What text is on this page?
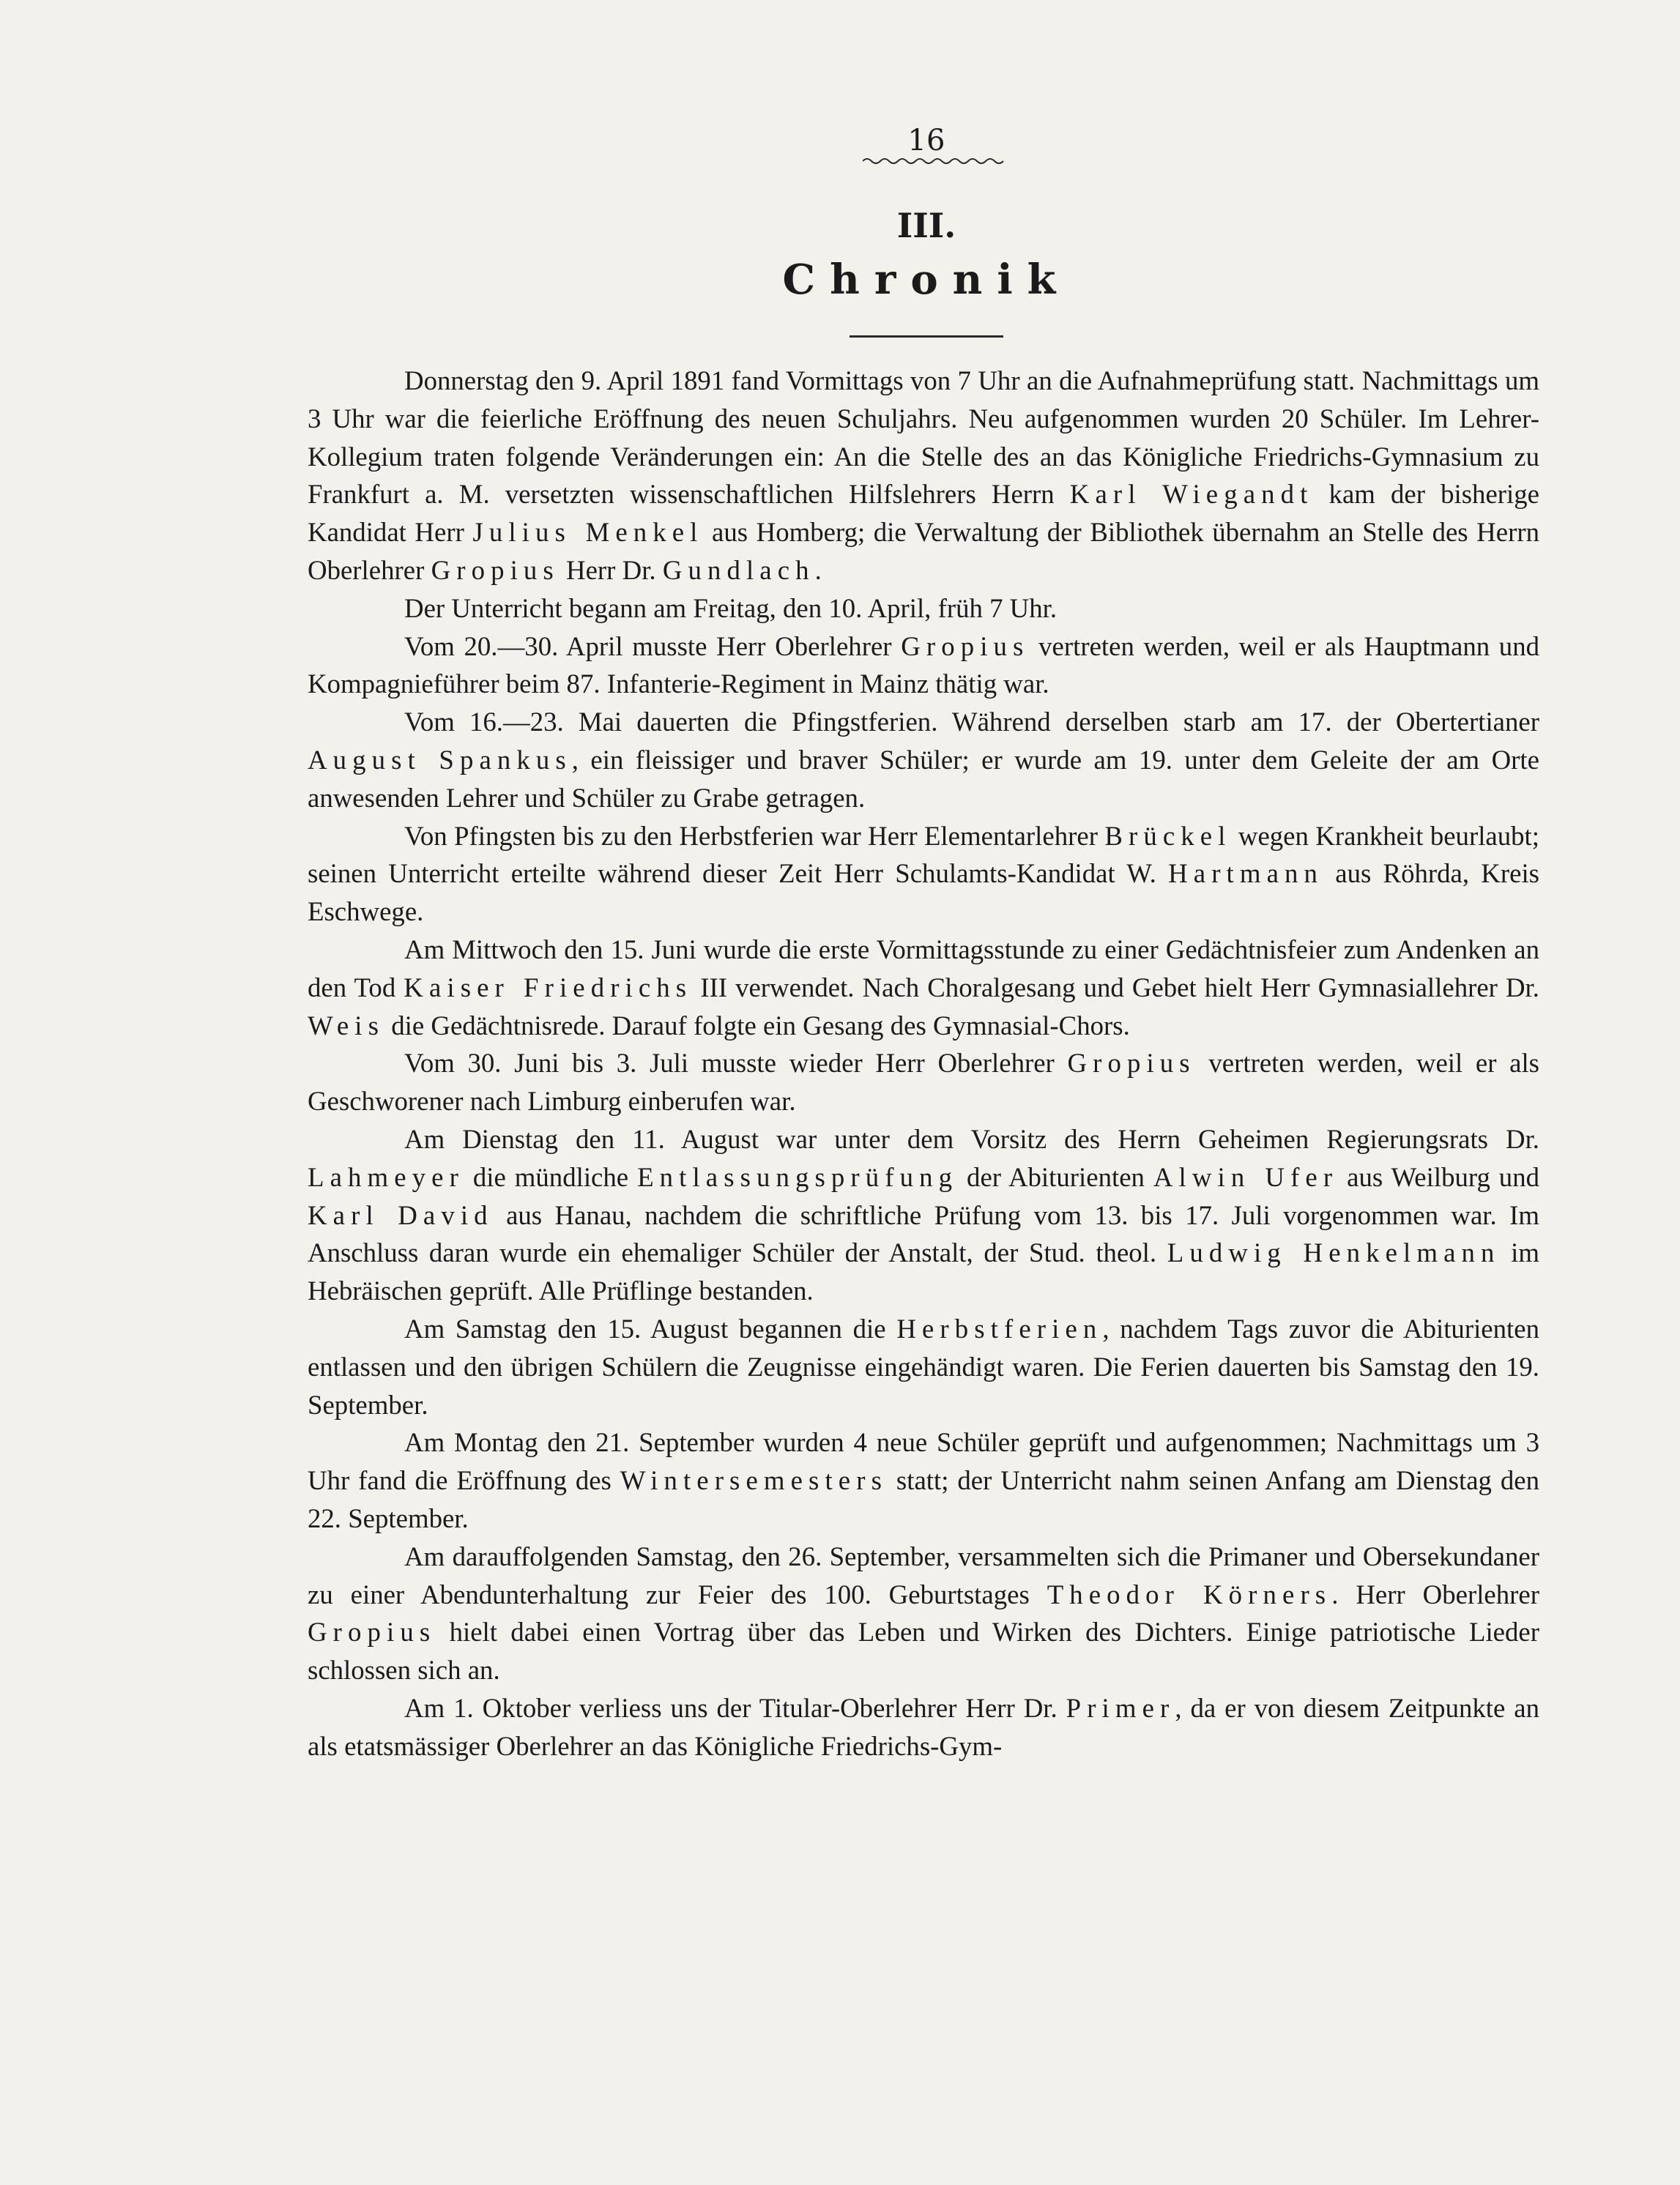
16
III.
Chronik

Donnerstag den 9. April 1891 fand Vormittags von 7 Uhr an die Aufnahmeprüfung statt. Nachmittags um 3 Uhr war die feierliche Eröffnung des neuen Schuljahrs. Neu aufgenommen wurden 20 Schüler. Im Lehrer-Kollegium traten folgende Veränderungen ein: An die Stelle des an das Königliche Friedrichs-Gymnasium zu Frankfurt a. M. versetzten wissenschaftlichen Hilfslehrers Herrn Karl Wiegandt kam der bisherige Kandidat Herr Julius Menkel aus Homberg; die Verwaltung der Bibliothek übernahm an Stelle des Herrn Oberlehrer Gropius Herr Dr. Gundlach.

Der Unterricht begann am Freitag, den 10. April, früh 7 Uhr.

Vom 20.—30. April musste Herr Oberlehrer Gropius vertreten werden, weil er als Hauptmann und Kompagnieführer beim 87. Infanterie-Regiment in Mainz thätig war.

Vom 16.—23. Mai dauerten die Pfingstferien. Während derselben starb am 17. der Obertertianer August Spankus, ein fleissiger und braver Schüler; er wurde am 19. unter dem Geleite der am Orte anwesenden Lehrer und Schüler zu Grabe getragen.

Von Pfingsten bis zu den Herbstferien war Herr Elementarlehrer Brückel wegen Krankheit beurlaubt; seinen Unterricht erteilte während dieser Zeit Herr Schulamts-Kandidat W. Hartmann aus Röhrda, Kreis Eschwege.

Am Mittwoch den 15. Juni wurde die erste Vormittagsstunde zu einer Gedächtnisfeier zum Andenken an den Tod Kaiser Friedrichs III verwendet. Nach Choralgesang und Gebet hielt Herr Gymnasiallehrer Dr. Weis die Gedächtnisrede. Darauf folgte ein Gesang des Gymnasial-Chors.

Vom 30. Juni bis 3. Juli musste wieder Herr Oberlehrer Gropius vertreten werden, weil er als Geschworener nach Limburg einberufen war.

Am Dienstag den 11. August war unter dem Vorsitz des Herrn Geheimen Regierungsrats Dr. Lahmeyer die mündliche Entlassungsprüfung der Abiturienten Alwin Ufer aus Weilburg und Karl David aus Hanau, nachdem die schriftliche Prüfung vom 13. bis 17. Juli vorgenommen war. Im Anschluss daran wurde ein ehemaliger Schüler der Anstalt, der Stud. theol. Ludwig Henkelmann im Hebräischen geprüft. Alle Prüflinge bestanden.

Am Samstag den 15. August begannen die Herbstferien, nachdem Tags zuvor die Abiturienten entlassen und den übrigen Schülern die Zeugnisse eingehändigt waren. Die Ferien dauerten bis Samstag den 19. September.

Am Montag den 21. September wurden 4 neue Schüler geprüft und aufgenommen; Nachmittags um 3 Uhr fand die Eröffnung des Wintersemesters statt; der Unterricht nahm seinen Anfang am Dienstag den 22. September.

Am darauffolgenden Samstag, den 26. September, versammelten sich die Primaner und Obersekundaner zu einer Abendunterhaltung zur Feier des 100. Geburtstages Theodor Körners. Herr Oberlehrer Gropius hielt dabei einen Vortrag über das Leben und Wirken des Dichters. Einige patriotische Lieder schlossen sich an.

Am 1. Oktober verliess uns der Titular-Oberlehrer Herr Dr. Primer, da er von diesem Zeitpunkte an als etatsmässiger Oberlehrer an das Königliche Friedrichs-Gym-
